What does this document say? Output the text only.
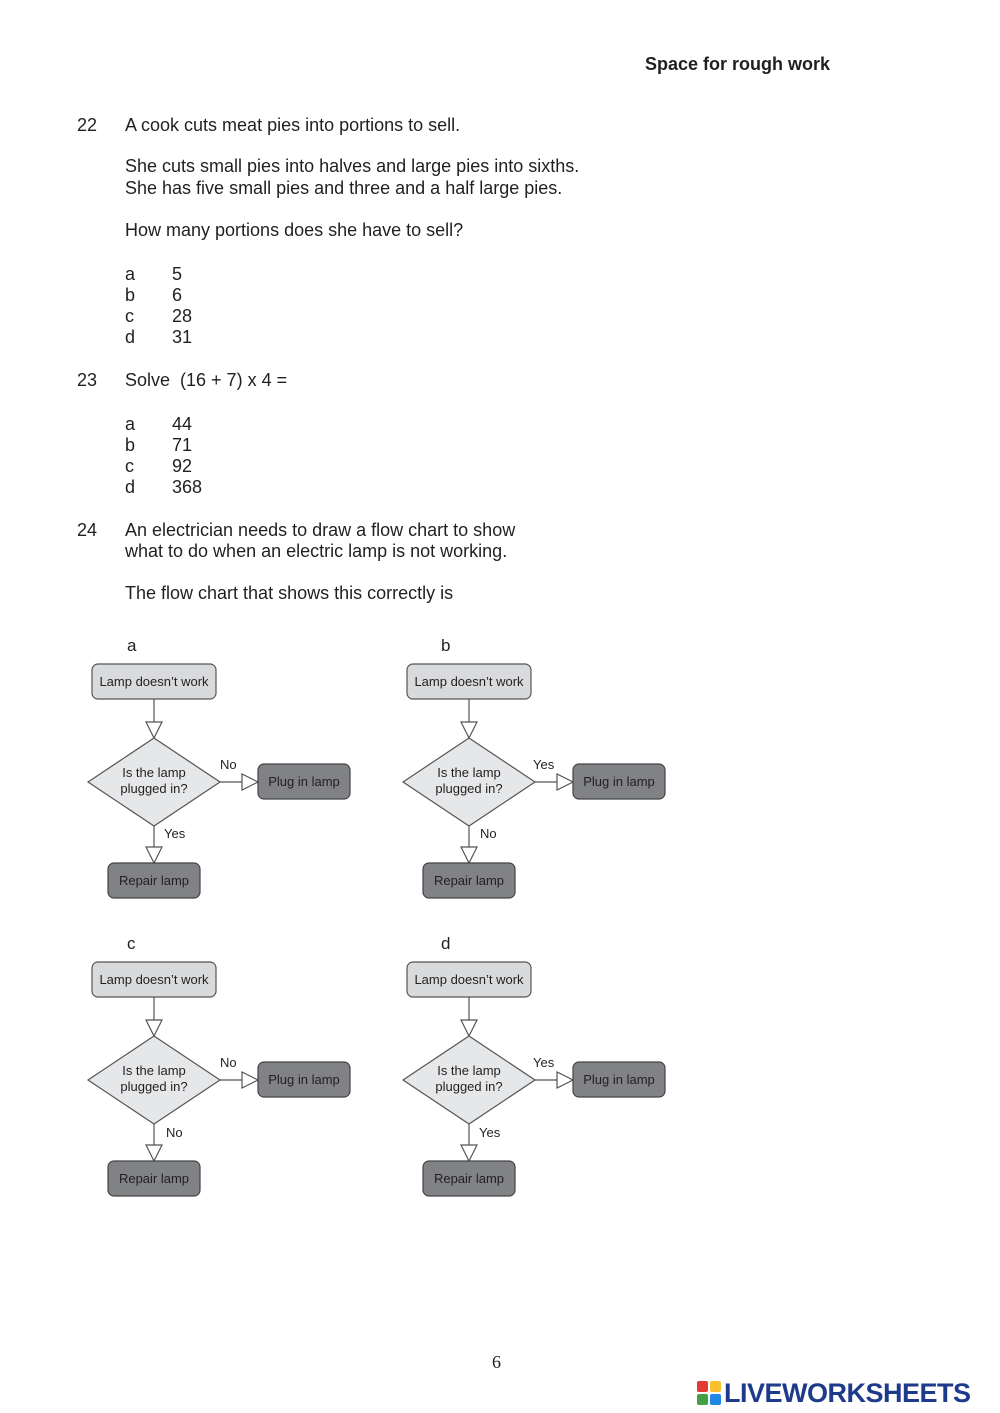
Space for rough work
22 A cook cuts meat pies into portions to sell.
She cuts small pies into halves and large pies into sixths.
She has five small pies and three and a half large pies.
How many portions does she have to sell?
a 5
b 6
c 28
d 31
23 Solve  (16 + 7) x 4 =
a 44
b 71
c 92
d 368
24 An electrician needs to draw a flow chart to show
what to do when an electric lamp is not working.
The flow chart that shows this correctly is
a	b
c	d
Lamp doesn’t work
Is the lamp
plugged in?
No
Plug in lamp
Yes
Repair lamp
Lamp doesn’t work
Is the lamp
plugged in?
Yes
Plug in lamp
No
Repair lamp
Lamp doesn’t work
Is the lamp
plugged in?
No
Plug in lamp
No
Repair lamp
Lamp doesn’t work
Is the lamp
plugged in?
Yes
Plug in lamp
Yes
Repair lamp
6
LIVEWORKSHEETS
